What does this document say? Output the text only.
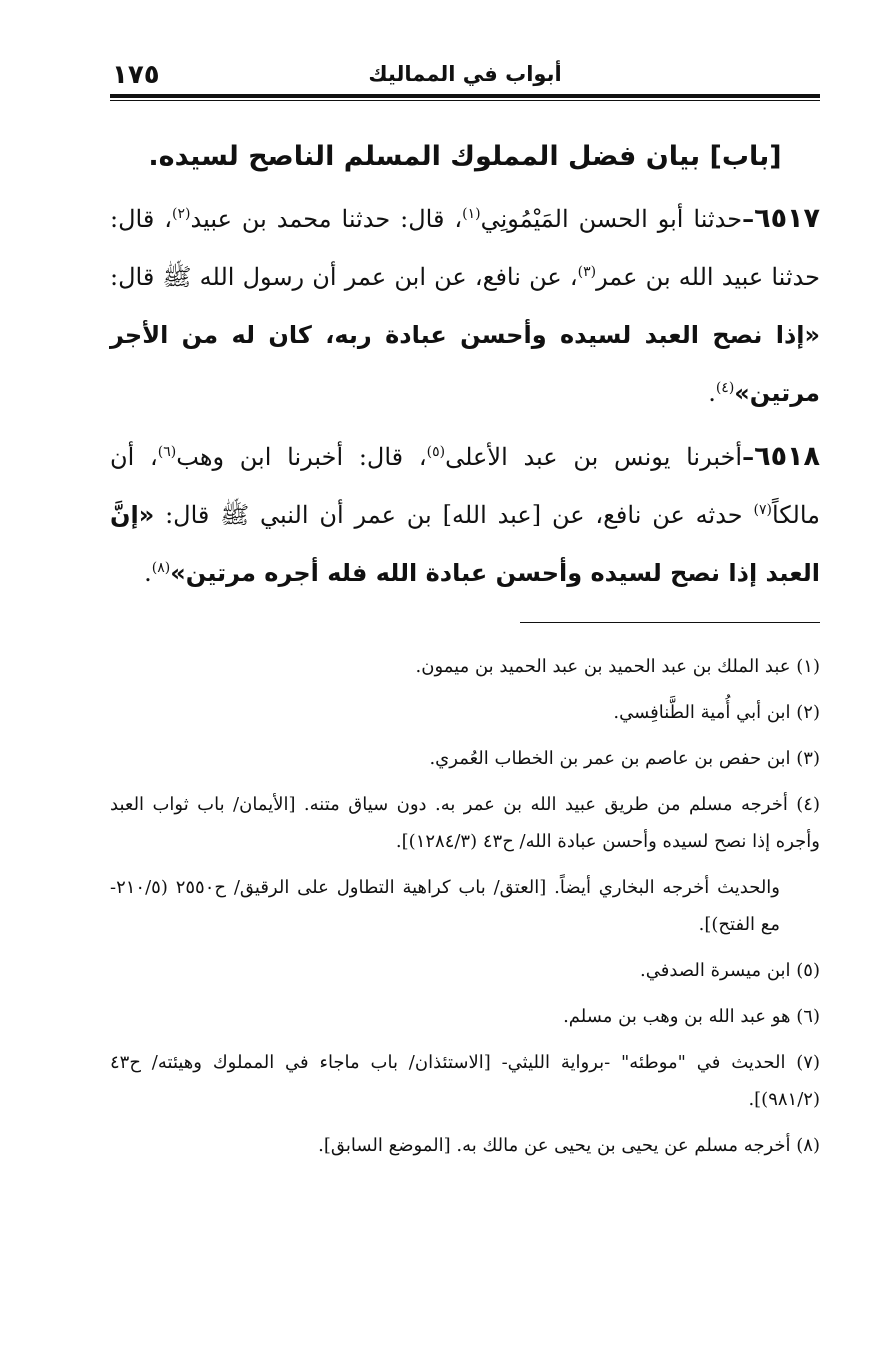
١٧٥	أبواب في المماليك
[باب] بيان فضل المملوك المسلم الناصح لسيده.

٦٥١٧–حدثنا أبو الحسن المَيْمُونِي$^{(١)}$، قال: حدثنا محمد بن عبيد$^{(٢)}$، قال: حدثنا عبيد الله بن عمر$^{(٣)}$، عن نافع، عن ابن عمر أن رسول الله ﷺ قال: «إذا نصح العبد لسيده وأحسن عبادة ربه، كان له من الأجر مرتين»$^{(٤)}$.

٦٥١٨–أخبرنا يونس بن عبد الأعلى$^{(٥)}$، قال: أخبرنا ابن وهب$^{(٦)}$، أن مالكاً$^{(٧)}$ حدثه عن نافع، عن [عبد الله] بن عمر أن النبي ﷺ قال: «إنَّ العبد إذا نصح لسيده وأحسن عبادة الله فله أجره مرتين»$^{(٨)}$.

(١) عبد الملك بن عبد الحميد بن عبد الحميد بن ميمون.

(٢) ابن أبي أُمية الطَّنافِسي.

(٣) ابن حفص بن عاصم بن عمر بن الخطاب العُمري.

(٤) أخرجه مسلم من طريق عبيد الله بن عمر به. دون سياق متنه. [الأيمان/ باب ثواب العبد وأجره إذا نصح لسيده وأحسن عبادة الله/ ح٤٣ (١٢٨٤/٣)].

والحديث أخرجه البخاري أيضاً. [العتق/ باب كراهية التطاول على الرقيق/ ح٢٥٥٠ (٢١٠/٥- مع الفتح)].

(٥) ابن ميسرة الصدفي.

(٦) هو عبد الله بن وهب بن مسلم.

(٧) الحديث في "موطئه" -برواية الليثي- [الاستئذان/ باب ماجاء في المملوك وهيئته/ ح٤٣ (٩٨١/٢)].

(٨) أخرجه مسلم عن يحيى بن يحيى عن مالك به. [الموضع السابق].
